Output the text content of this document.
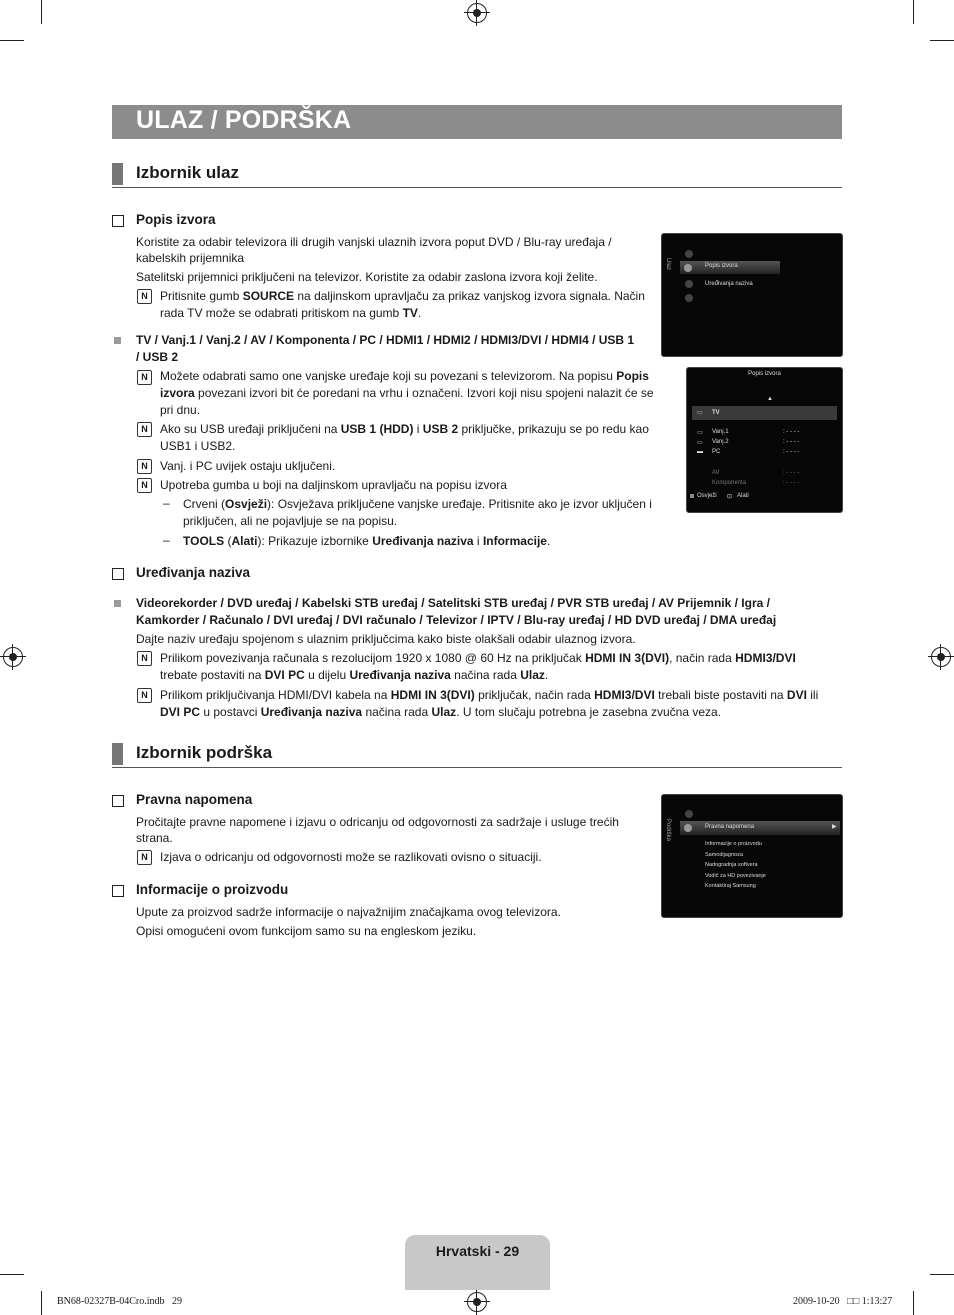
ULAZ / PODRŠKA
Izbornik ulaz
Popis izvora
Koristite za odabir televizora ili drugih vanjski ulaznih izvora poput DVD / Blu-ray uređaja /
kabelskih prijemnika
Satelitski prijemnici priključeni na televizor. Koristite za odabir zaslona izvora koji želite.
N	Pritisnite gumb SOURCE na daljinskom upravljaču za prikaz vanjskog izvora signala. Način
rada TV može se odabrati pritiskom na gumb TV.
TV / Vanj.1 / Vanj.2 / AV / Komponenta / PC / HDMI1 / HDMI2 / HDMI3/DVI / HDMI4 / USB 1
/ USB 2
N	Možete odabrati samo one vanjske uređaje koji su povezani s televizorom. Na popisu Popis
izvora povezani izvori bit će poredani na vrhu i označeni. Izvori koji nisu spojeni nalazit će se
pri dnu.
N	Ako su USB uređaji priključeni na USB 1 (HDD) i USB 2 priključke, prikazuju se po redu kao
USB1 i USB2.
N	Vanj. i PC uvijek ostaju uključeni.
N	Upotreba gumba u boji na daljinskom upravljaču na popisu izvora
– Crveni (Osvježi): Osvježava priključene vanjske uređaje. Pritisnite ako je izvor uključen i
priključen, ali ne pojavljuje se na popisu.
– TOOLS (Alati): Prikazuje izbornike Uređivanja naziva i Informacije.
Ulaz	Popis izvora
Uređivanja naziva
Popis izvora
▲
▭ TV
▭ Vanj.1	: - - - -
▭ Vanj.2	: - - - -
▬ PC	: - - - -
AV	: - - - -
Komponenta	: - - - -
Osvježi ⊡ Alati
Uređivanja naziva
Videorekorder / DVD uređaj / Kabelski STB uređaj / Satelitski STB uređaj / PVR STB uređaj / AV Prijemnik / Igra /
Kamkorder / Računalo / DVI uređaj / DVI računalo / Televizor / IPTV / Blu-ray uređaj / HD DVD uređaj / DMA uređaj
Dajte naziv uređaju spojenom s ulaznim priključcima kako biste olakšali odabir ulaznog izvora.
N	Prilikom povezivanja računala s rezolucijom 1920 x 1080 @ 60 Hz na priključak HDMI IN 3(DVI), način rada HDMI3/DVI
trebate postaviti na DVI PC u dijelu Uređivanja naziva načina rada Ulaz.
N	Prilikom priključivanja HDMI/DVI kabela na HDMI IN 3(DVI) priključak, način rada HDMI3/DVI trebali biste postaviti na DVI ili
DVI PC u postavci Uređivanja naziva načina rada Ulaz. U tom slučaju potrebna je zasebna zvučna veza.
Izbornik podrška
Pravna napomena
Pročitajte pravne napomene i izjavu o odricanju od odgovornosti za sadržaje i usluge trećih
strana.
N	Izjava o odricanju od odgovornosti može se razlikovati ovisno o situaciji.
Informacije o proizvodu
Upute za proizvod sadrže informacije o najvažnijim značajkama ovog televizora.
Opisi omogućeni ovom funkcijom samo su na engleskom jeziku.
Podrška	Pravna napomena	▶
Informacije o proizvodu
Samodijagnoza
Nadogradnja softvera
Vodič za HD povezivanje
Kontaktiraj Samsung
Hrvatski - 29
BN68-02327B-04Cro.indb   29	2009-10-20   □□ 1:13:27
